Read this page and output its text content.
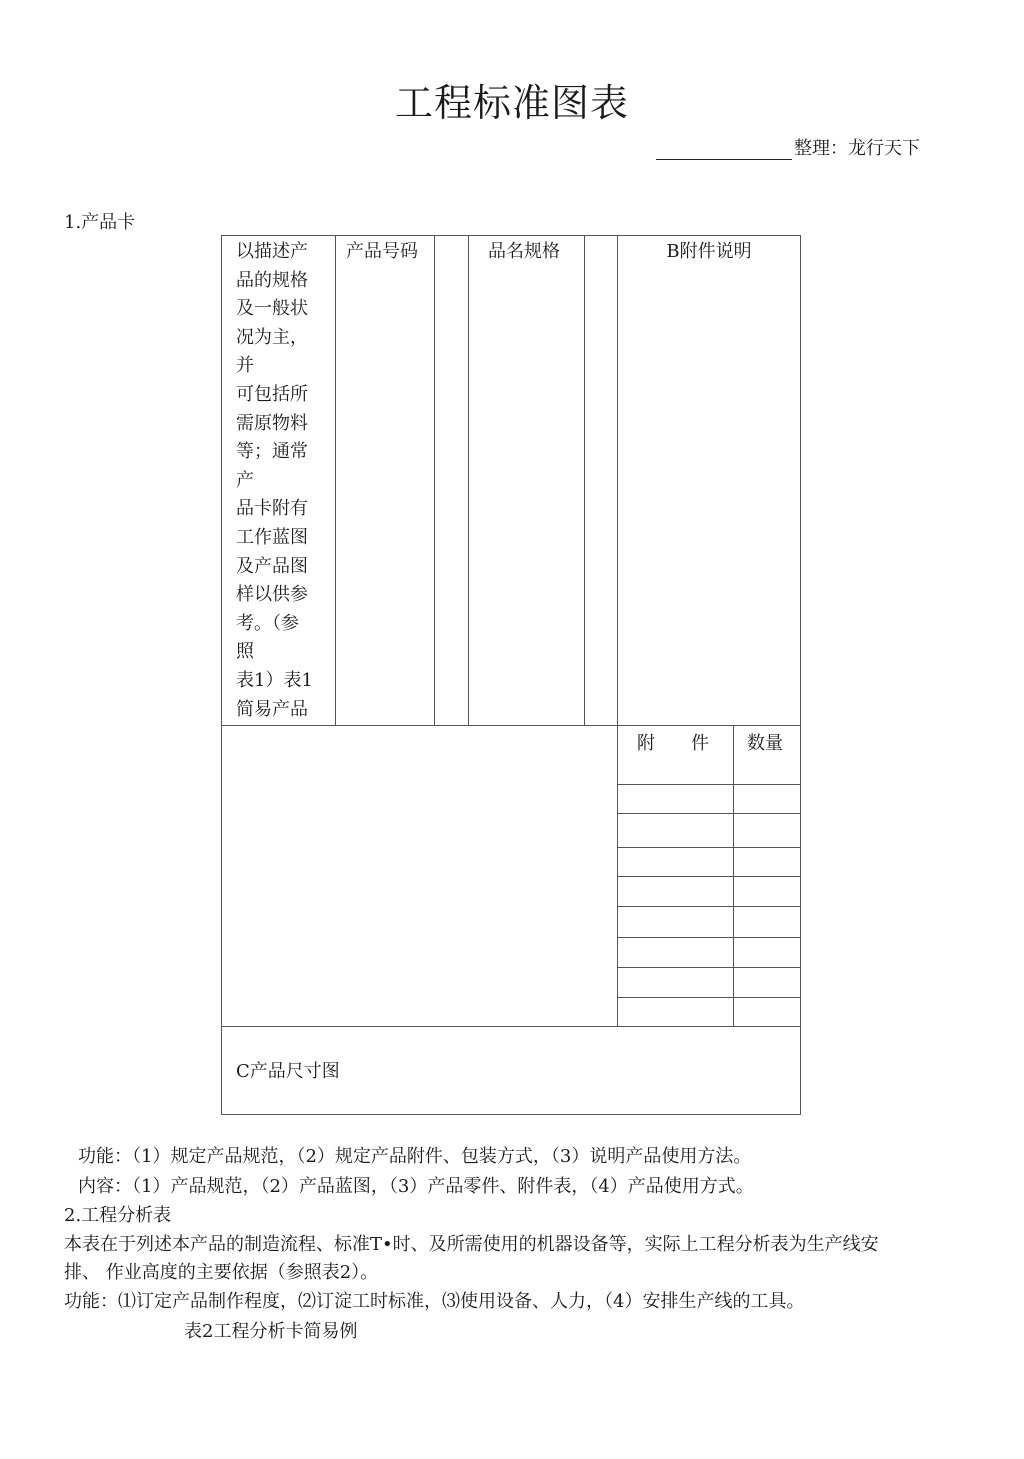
工程标准图表
整理：龙行天下
1.产品卡
以描述产
品的规格
及一般状
况为主，
并
可包括所
需原物料
等；通常
产
品卡附有
工作蓝图
及产品图
样以供参
考。（参
照
表1）表1
简易产品
产品号码	品名规格	B附件说明
附　　件 数量
C产品尺寸图
功能：（1）规定产品规范，（2）规定产品附件、包装方式，（3）说明产品使用方法。
内容：（1）产品规范，（2）产品蓝图，（3）产品零件、附件表，（4）产品使用方式。
2.工程分析表
本表在于列述本产品的制造流程、标准T•时、及所需使用的机器设备等，实际上工程分析表为生产线安
排、 作业高度的主要依据（参照表2）。
功能：⑴订定产品制作程度，⑵订淀工时标准，⑶使用设备、人力，（4）安排生产线的工具。
表2工程分析卡简易例
